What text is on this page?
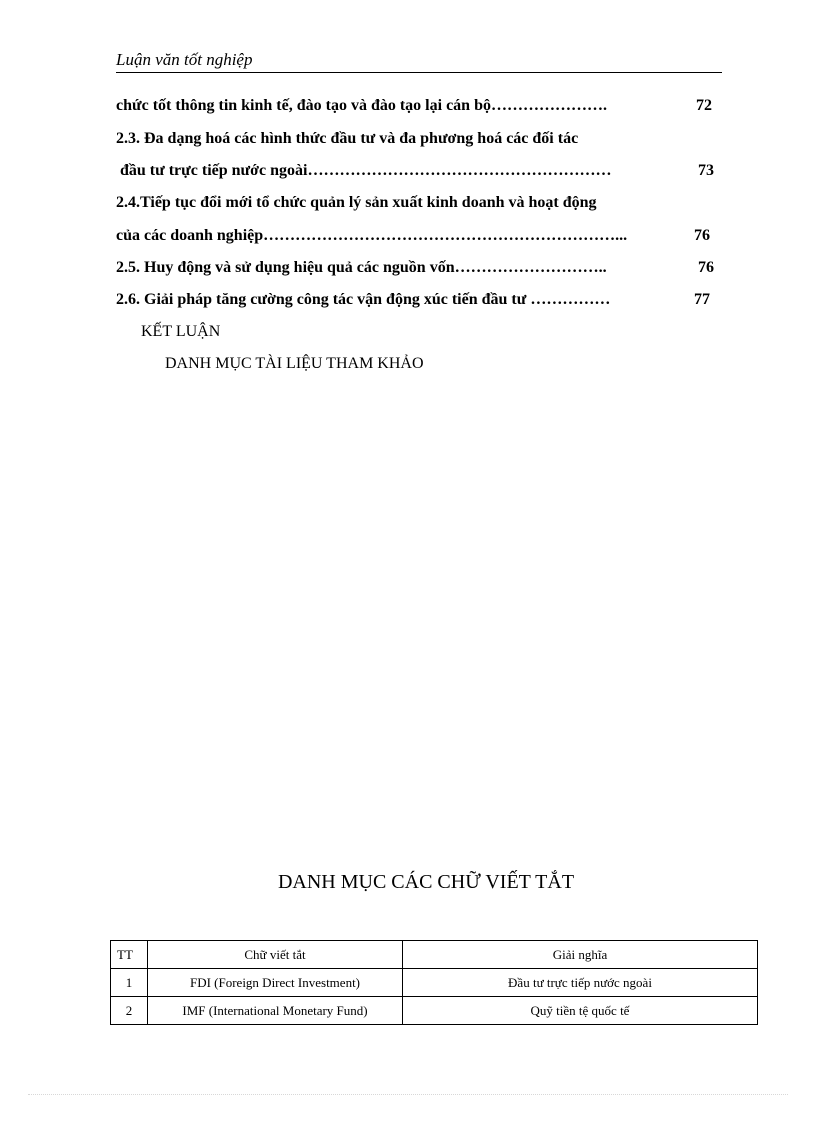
Luận văn tốt nghiệp
chức tốt thông tin kinh tế, đào tạo và đào tạo lại cán bộ………………….	72
2.3. Đa dạng hoá các hình thức đầu tư và đa phương hoá các đối tác
đầu tư trực tiếp nước ngoài…………………………………………………	73
2.4.Tiếp tục đổi mới tổ chức quản lý sản xuất kinh doanh và hoạt động
của các doanh nghiệp…………………………………………………………...	76
2.5. Huy động và sử dụng hiệu quả các nguồn vốn………………………..	76
2.6. Giải pháp tăng cường công tác vận động xúc tiến đầu tư ……………	77
KẾT LUẬN
DANH MỤC TÀI LIỆU THAM KHẢO
DANH MỤC CÁC CHỮ VIẾT TẮT
TT	Chữ viết tắt	Giải nghĩa
1	FDI (Foreign Direct Investment)	Đầu tư trực tiếp nước ngoài
2	IMF (International Monetary Fund)	Quỹ tiền tệ quốc tế
